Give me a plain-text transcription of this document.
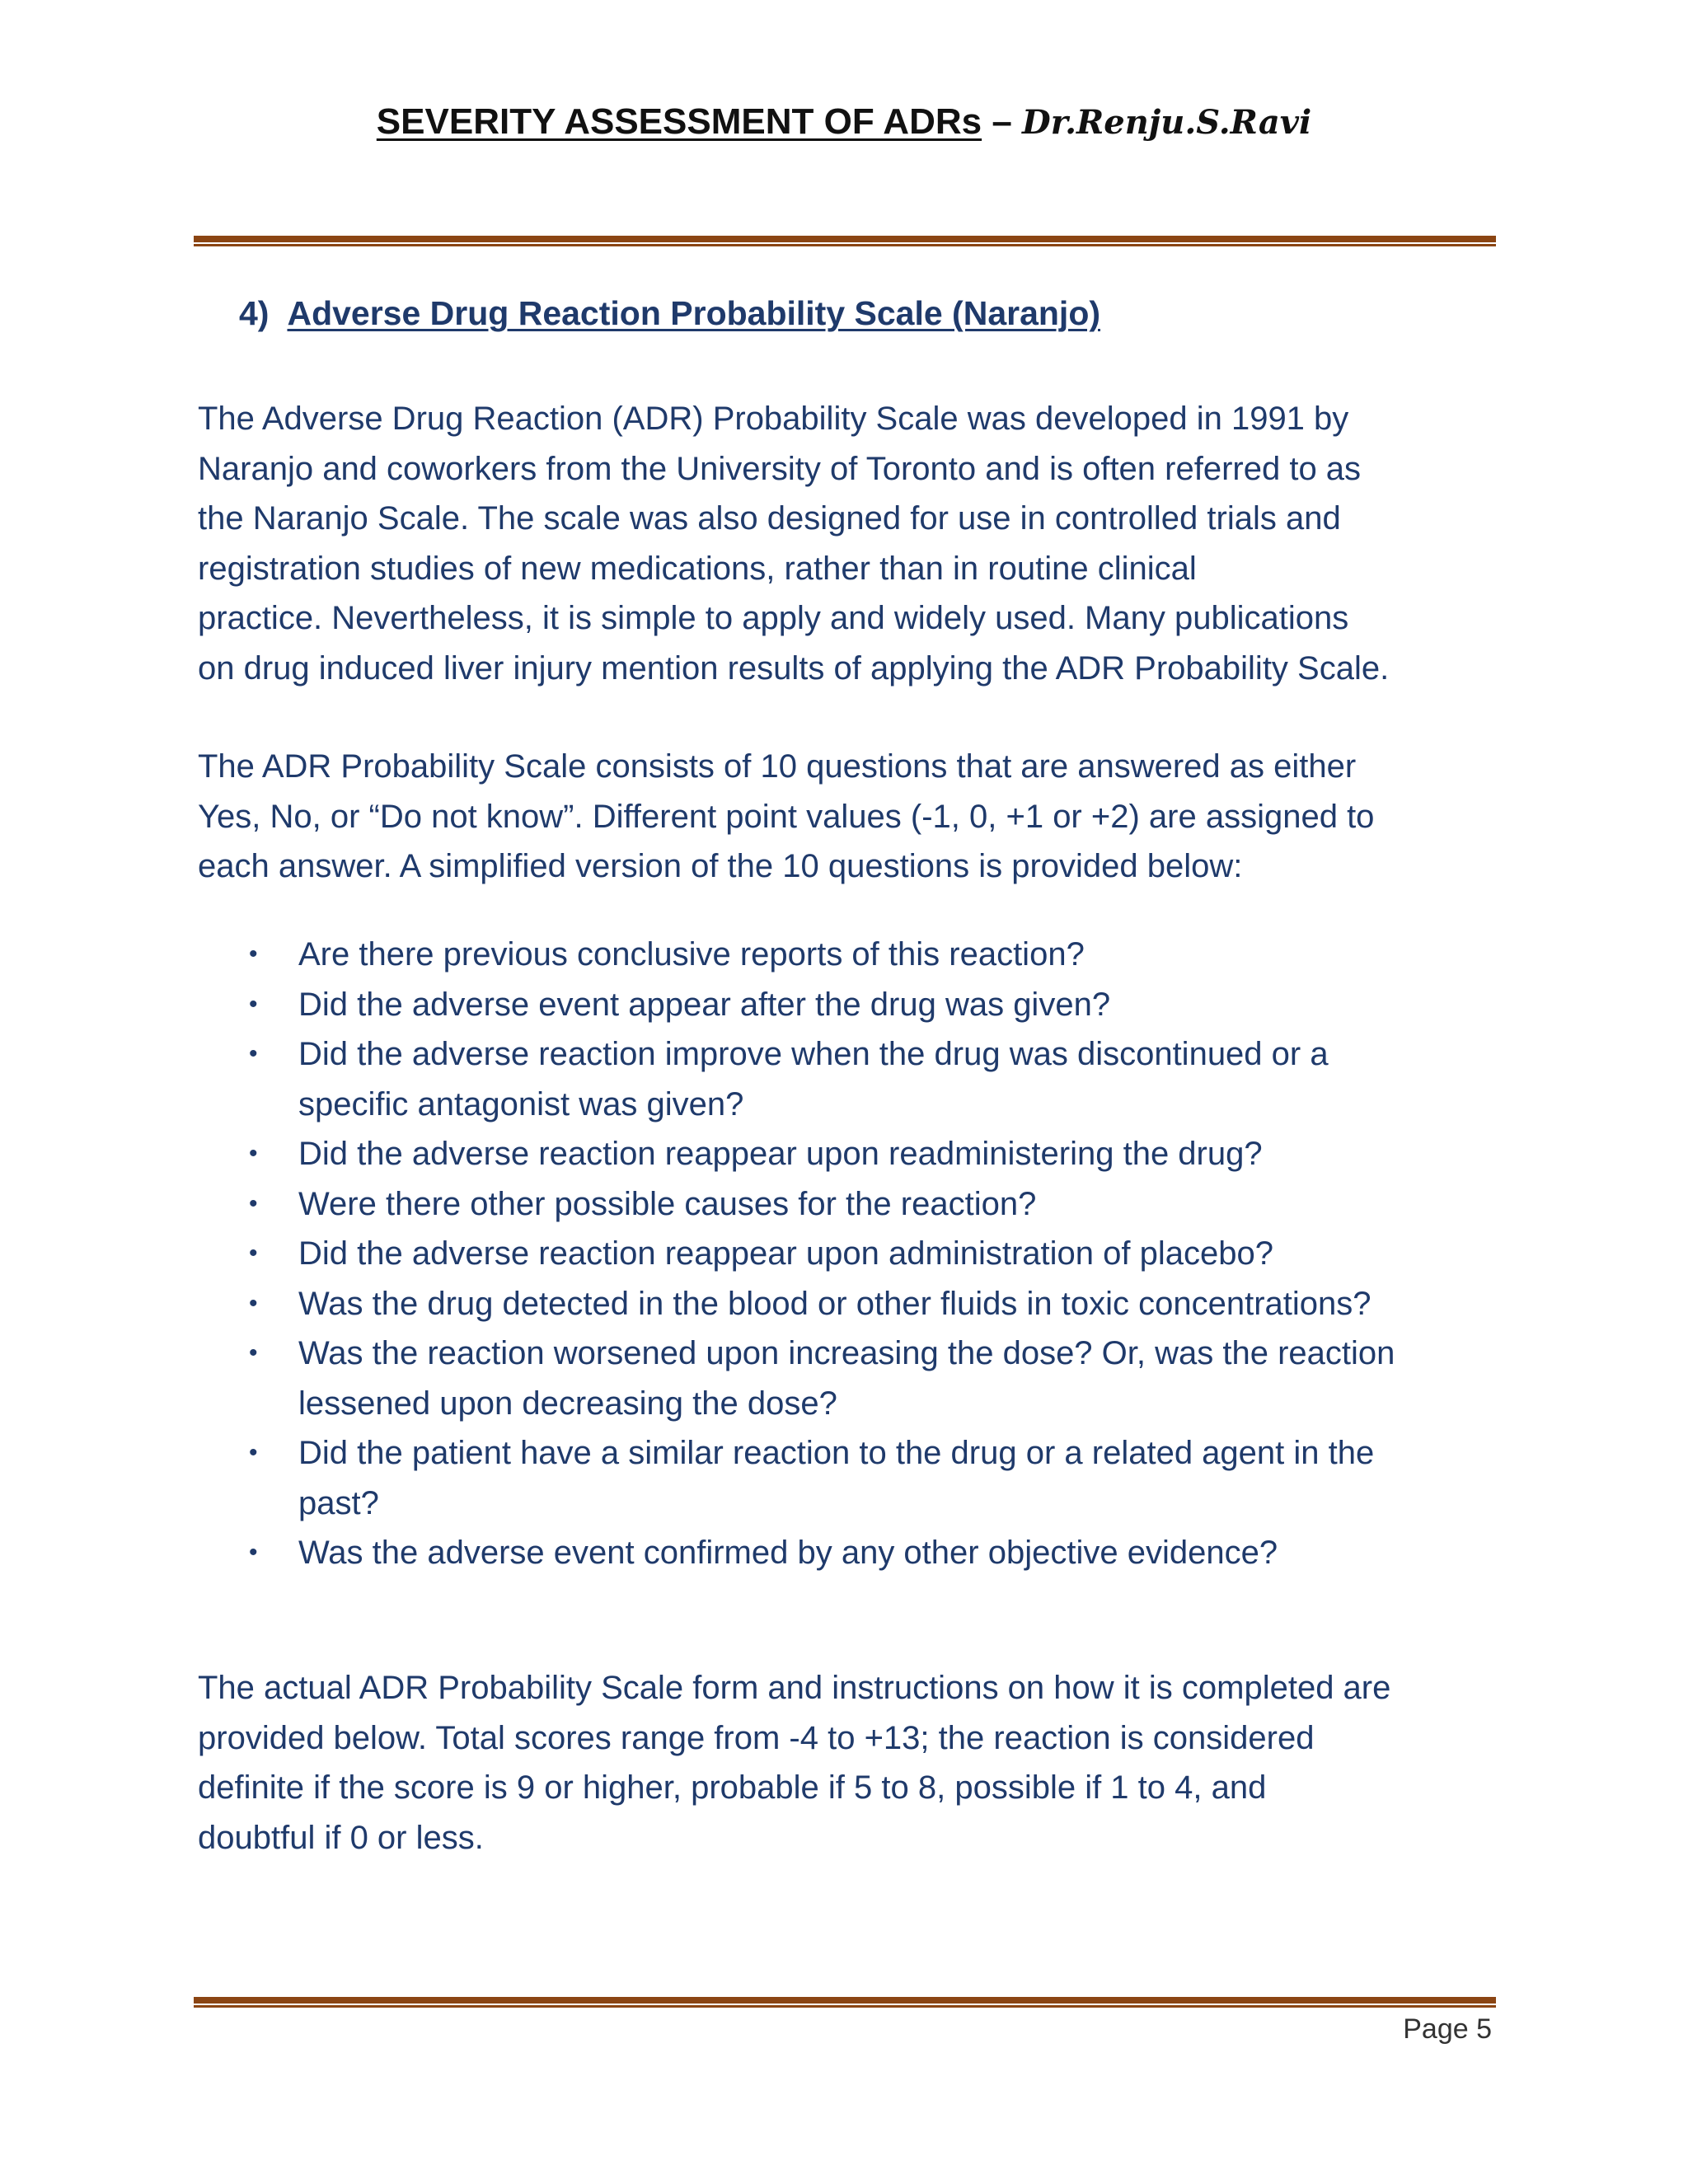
SEVERITY ASSESSMENT OF ADRs – Dr.Renju.S.Ravi
4) Adverse Drug Reaction Probability Scale (Naranjo)
The Adverse Drug Reaction (ADR) Probability Scale was developed in 1991 by
Naranjo and coworkers from the University of Toronto and is often referred to as
the Naranjo Scale. The scale was also designed for use in controlled trials and
registration studies of new medications, rather than in routine clinical
practice. Nevertheless, it is simple to apply and widely used. Many publications
on drug induced liver injury mention results of applying the ADR Probability Scale.
The ADR Probability Scale consists of 10 questions that are answered as either
Yes, No, or “Do not know”. Different point values (-1, 0, +1 or +2) are assigned to
each answer. A simplified version of the 10 questions is provided below:
• Are there previous conclusive reports of this reaction?
• Did the adverse event appear after the drug was given?
• Did the adverse reaction improve when the drug was discontinued or a
specific antagonist was given?
• Did the adverse reaction reappear upon readministering the drug?
• Were there other possible causes for the reaction?
• Did the adverse reaction reappear upon administration of placebo?
• Was the drug detected in the blood or other fluids in toxic concentrations?
• Was the reaction worsened upon increasing the dose? Or, was the reaction
lessened upon decreasing the dose?
• Did the patient have a similar reaction to the drug or a related agent in the
past?
• Was the adverse event confirmed by any other objective evidence?
The actual ADR Probability Scale form and instructions on how it is completed are
provided below. Total scores range from -4 to +13; the reaction is considered
definite if the score is 9 or higher, probable if 5 to 8, possible if 1 to 4, and
doubtful if 0 or less.
Page 5
